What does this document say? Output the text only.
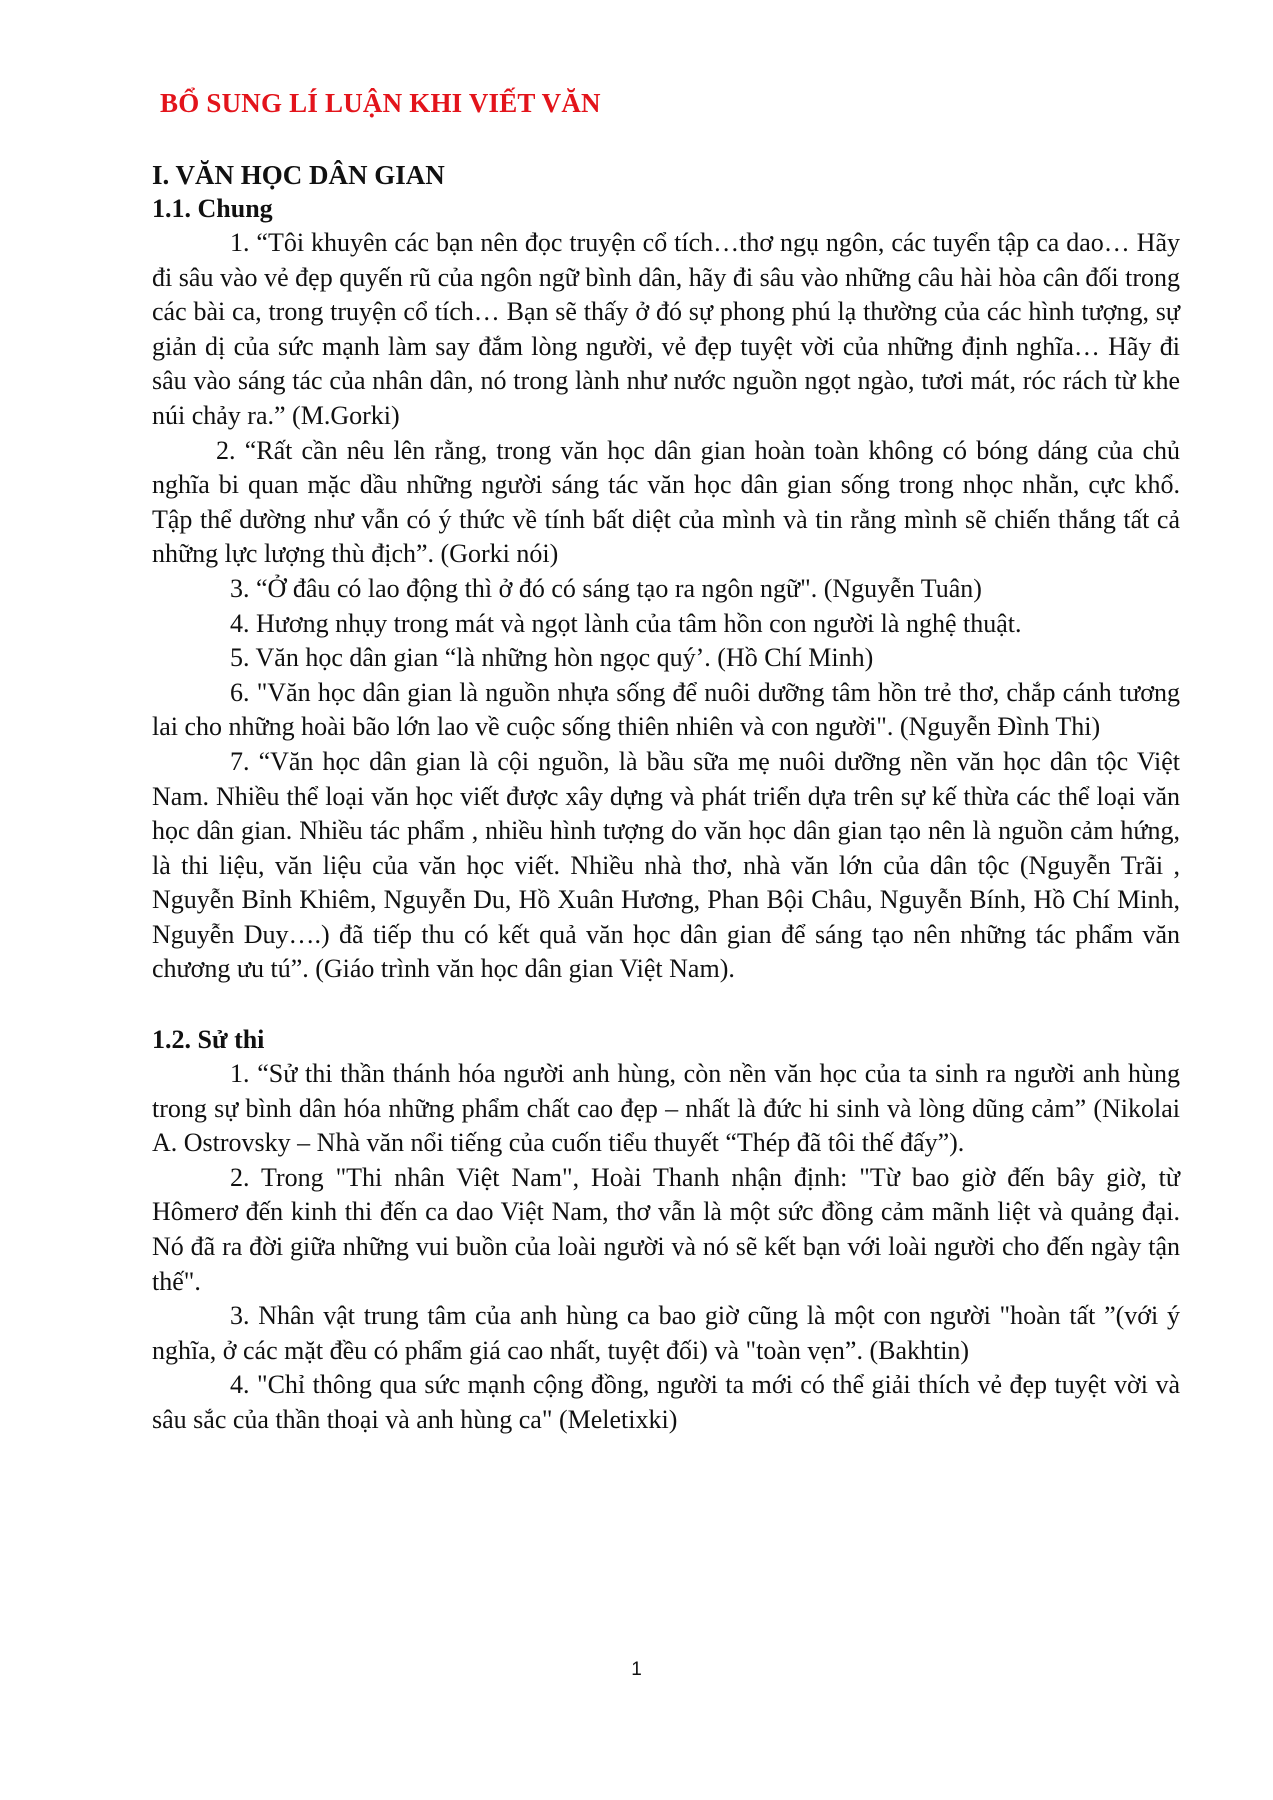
BỔ SUNG LÍ LUẬN KHI VIẾT VĂN
I. VĂN HỌC DÂN GIAN
1.1. Chung

1. “Tôi khuyên các bạn nên đọc truyện cổ tích…thơ ngụ ngôn, các tuyển tập ca dao… Hãy đi sâu vào vẻ đẹp quyến rũ của ngôn ngữ bình dân, hãy đi sâu vào những câu hài hòa cân đối trong các bài ca, trong truyện cổ tích… Bạn sẽ thấy ở đó sự phong phú lạ thường của các hình tượng, sự giản dị của sức mạnh làm say đắm lòng người, vẻ đẹp tuyệt vời của những định nghĩa… Hãy đi sâu vào sáng tác của nhân dân, nó trong lành như nước nguồn ngọt ngào, tươi mát, róc rách từ khe núi chảy ra.” (M.Gorki)

2. “Rất cần nêu lên rằng, trong văn học dân gian hoàn toàn không có bóng dáng của chủ nghĩa bi quan mặc dầu những người sáng tác văn học dân gian sống trong nhọc nhằn, cực khổ. Tập thể dường như vẫn có ý thức về tính bất diệt của mình và tin rằng mình sẽ chiến thắng tất cả những lực lượng thù địch”. (Gorki nói)

3. “Ở đâu có lao động thì ở đó có sáng tạo ra ngôn ngữ". (Nguyễn Tuân)

4. Hương nhụy trong mát và ngọt lành của tâm hồn con người là nghệ thuật.

5. Văn học dân gian “là những hòn ngọc quý’. (Hồ Chí Minh)

6. "Văn học dân gian là nguồn nhựa sống để nuôi dưỡng tâm hồn trẻ thơ, chắp cánh tương lai cho những hoài bão lớn lao về cuộc sống thiên nhiên và con người". (Nguyễn Đình Thi)

7. “Văn học dân gian là cội nguồn, là bầu sữa mẹ nuôi dưỡng nền văn học dân tộc Việt Nam. Nhiều thể loại văn học viết được xây dựng và phát triển dựa trên sự kế thừa các thể loại văn học dân gian. Nhiều tác phẩm , nhiều hình tượng do văn học dân gian tạo nên là nguồn cảm hứng, là thi liệu, văn liệu của văn học viết. Nhiều nhà thơ, nhà văn lớn của dân tộc (Nguyễn Trãi , Nguyễn Bỉnh Khiêm, Nguyễn Du, Hồ Xuân Hương, Phan Bội Châu, Nguyễn Bính, Hồ Chí Minh, Nguyễn Duy….) đã tiếp thu có kết quả văn học dân gian để sáng tạo nên những tác phẩm văn chương ưu tú”. (Giáo trình văn học dân gian Việt Nam).

1.2. Sử thi

1. “Sử thi thần thánh hóa người anh hùng, còn nền văn học của ta sinh ra người anh hùng trong sự bình dân hóa những phẩm chất cao đẹp – nhất là đức hi sinh và lòng dũng cảm” (Nikolai A. Ostrovsky – Nhà văn nổi tiếng của cuốn tiểu thuyết “Thép đã tôi thế đấy”).

2. Trong "Thi nhân Việt Nam", Hoài Thanh nhận định: "Từ bao giờ đến bây giờ, từ Hômerơ đến kinh thi đến ca dao Việt Nam, thơ vẫn là một sức đồng cảm mãnh liệt và quảng đại. Nó đã ra đời giữa những vui buồn của loài người và nó sẽ kết bạn với loài người cho đến ngày tận thế".

3. Nhân vật trung tâm của anh hùng ca bao giờ cũng là một con người "hoàn tất ”(với ý nghĩa, ở các mặt đều có phẩm giá cao nhất, tuyệt đối) và "toàn vẹn”. (Bakhtin)

4. "Chỉ thông qua sức mạnh cộng đồng, người ta mới có thể giải thích vẻ đẹp tuyệt vời và sâu sắc của thần thoại và anh hùng ca" (Meletixki)

1
